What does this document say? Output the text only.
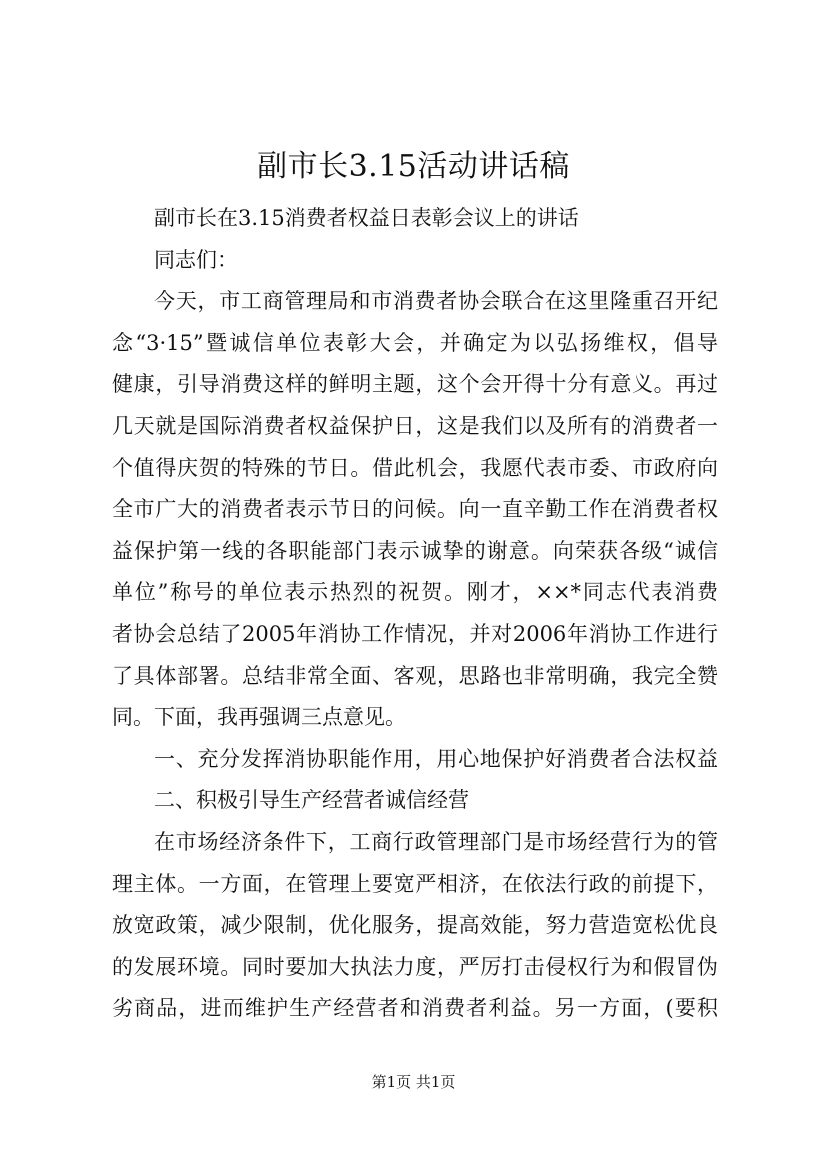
副市长3.15活动讲话稿
副市长在3.15消费者权益日表彰会议上的讲话
同志们：
今天，市工商管理局和市消费者协会联合在这里隆重召开纪
念“3·15”暨诚信单位表彰大会，并确定为以弘扬维权，倡导
健康，引导消费这样的鲜明主题，这个会开得十分有意义。再过
几天就是国际消费者权益保护日，这是我们以及所有的消费者一
个值得庆贺的特殊的节日。借此机会，我愿代表市委、市政府向
全市广大的消费者表示节日的问候。向一直辛勤工作在消费者权
益保护第一线的各职能部门表示诚挚的谢意。向荣获各级“诚信
单位”称号的单位表示热烈的祝贺。刚才，××*同志代表消费
者协会总结了2005年消协工作情况，并对2006年消协工作进行
了具体部署。总结非常全面、客观，思路也非常明确，我完全赞
同。下面，我再强调三点意见。
一、充分发挥消协职能作用，用心地保护好消费者合法权益
二、积极引导生产经营者诚信经营
在市场经济条件下，工商行政管理部门是市场经营行为的管
理主体。一方面，在管理上要宽严相济，在依法行政的前提下，
放宽政策，减少限制，优化服务，提高效能，努力营造宽松优良
的发展环境。同时要加大执法力度，严厉打击侵权行为和假冒伪
劣商品，进而维护生产经营者和消费者利益。另一方面，(要积
第1页 共1页
